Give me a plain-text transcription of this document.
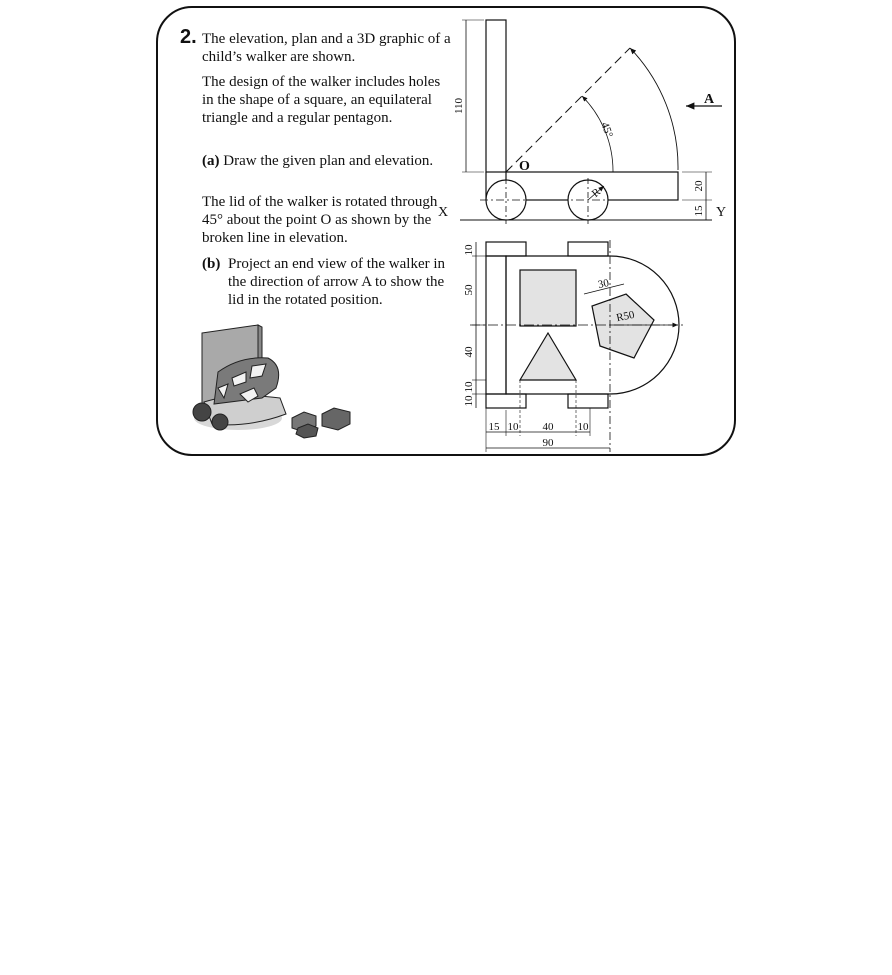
2. The elevation, plan and a 3D graphic of a child’s walker are shown.
The design of the walker includes holes in the shape of a square, an equilateral triangle and a regular pentagon.
(a) Draw the given plan and elevation.
The lid of the walker is rotated through 45° about the point O as shown by the broken line in elevation.
(b) Project an end view of the walker in the direction of arrow A to show the lid in the rotated position.
110
20
15
O
A
R
45°
X	Y
10
50
40
10
10
15 10 40 10
90
30
R50
